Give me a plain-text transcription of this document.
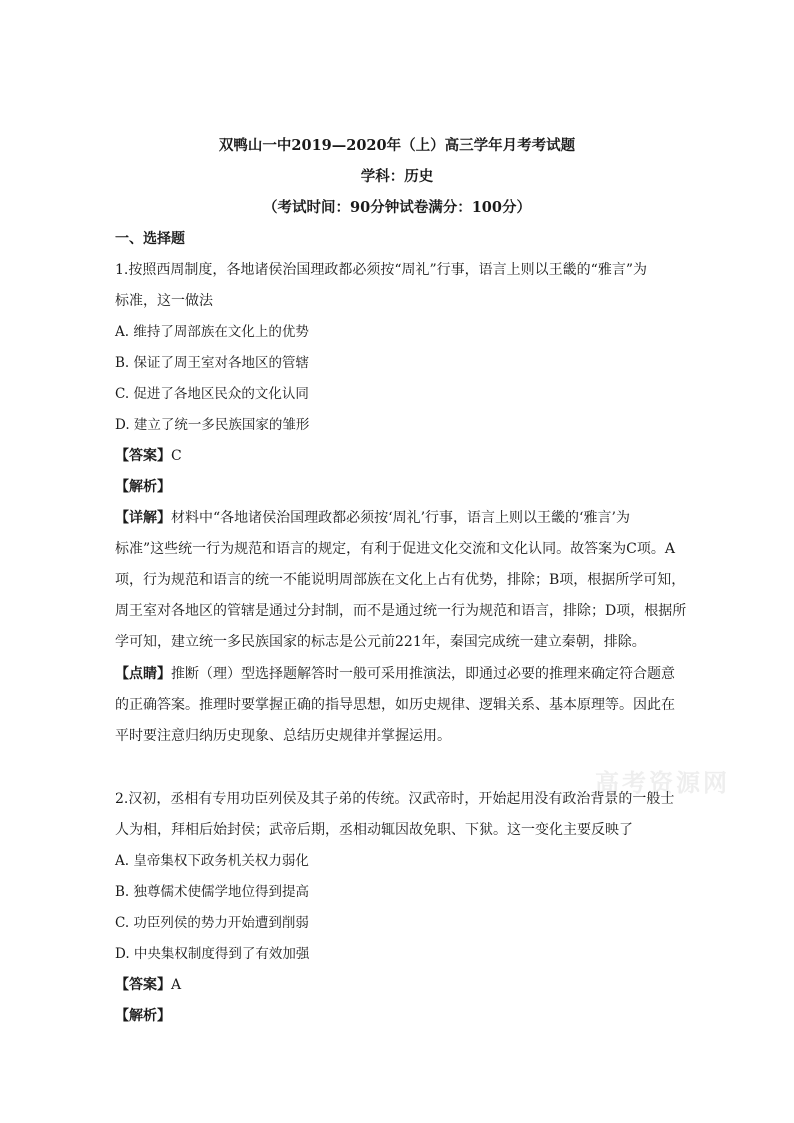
双鸭山一中2019—2020年（上）高三学年月考考试题
学科：历史
（考试时间：90分钟试卷满分：100分）
一、选择题
1.按照西周制度，各地诸侯治国理政都必须按“周礼”行事，语言上则以王畿的“雅言”为
标准，这一做法
A. 维持了周部族在文化上的优势
B. 保证了周王室对各地区的管辖
C. 促进了各地区民众的文化认同
D. 建立了统一多民族国家的雏形
【答案】C
【解析】
【详解】材料中“各地诸侯治国理政都必须按‘周礼’行事，语言上则以王畿的‘雅言’为
标准”这些统一行为规范和语言的规定，有利于促进文化交流和文化认同。故答案为C项。A
项，行为规范和语言的统一不能说明周部族在文化上占有优势，排除；B项，根据所学可知，
周王室对各地区的管辖是通过分封制，而不是通过统一行为规范和语言，排除；D项，根据所
学可知，建立统一多民族国家的标志是公元前221年，秦国完成统一建立秦朝，排除。
【点睛】推断（理）型选择题解答时一般可采用推演法，即通过必要的推理来确定符合题意
的正确答案。推理时要掌握正确的指导思想，如历史规律、逻辑关系、基本原理等。因此在
平时要注意归纳历史现象、总结历史规律并掌握运用。
高考资源网
2.汉初，丞相有专用功臣列侯及其子弟的传统。汉武帝时，开始起用没有政治背景的一般士
人为相，拜相后始封侯；武帝后期，丞相动辄因故免职、下狱。这一变化主要反映了
A. 皇帝集权下政务机关权力弱化
B. 独尊儒术使儒学地位得到提高
C. 功臣列侯的势力开始遭到削弱
D. 中央集权制度得到了有效加强
【答案】A
【解析】
